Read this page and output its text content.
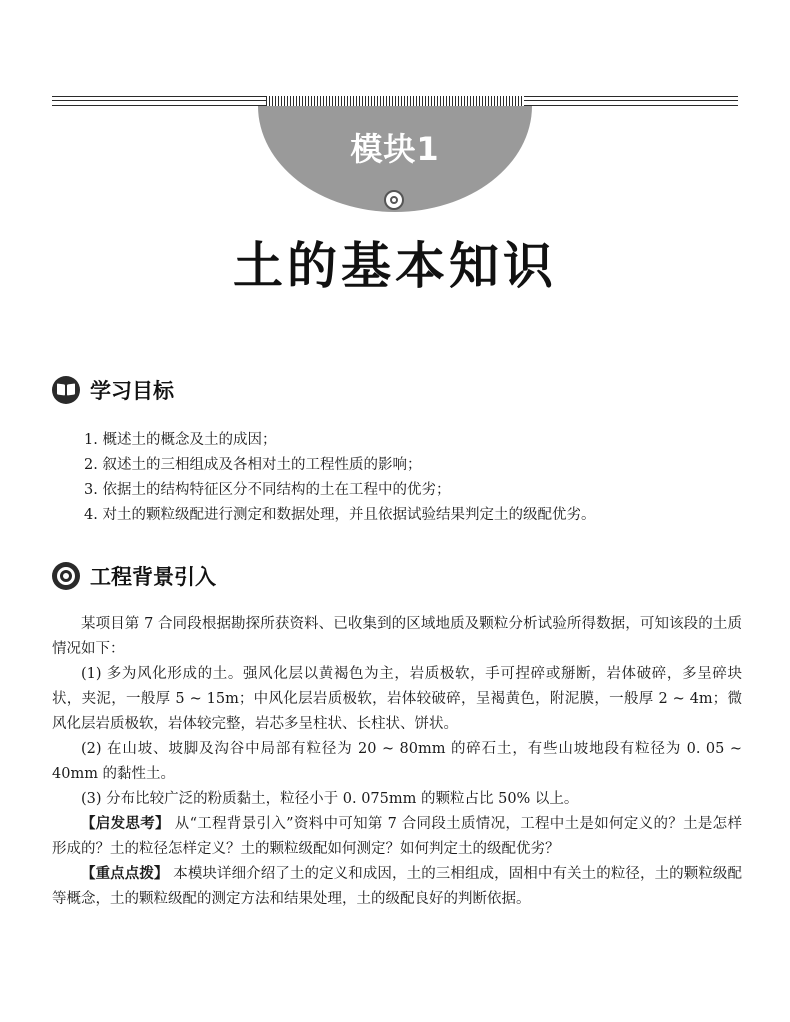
模块1
土的基本知识
学习目标
1. 概述土的概念及土的成因；
2. 叙述土的三相组成及各相对土的工程性质的影响；
3. 依据土的结构特征区分不同结构的土在工程中的优劣；
4. 对土的颗粒级配进行测定和数据处理，并且依据试验结果判定土的级配优劣。
工程背景引入

某项目第 7 合同段根据勘探所获资料、已收集到的区域地质及颗粒分析试验所得数据，可知该段的土质情况如下：

(1) 多为风化形成的土。强风化层以黄褐色为主，岩质极软，手可捏碎或掰断，岩体破碎，多呈碎块状，夹泥，一般厚 5 ~ 15m；中风化层岩质极软，岩体较破碎，呈褐黄色，附泥膜，一般厚 2 ~ 4m；微风化层岩质极软，岩体较完整，岩芯多呈柱状、长柱状、饼状。

(2) 在山坡、坡脚及沟谷中局部有粒径为 20 ~ 80mm 的碎石土，有些山坡地段有粒径为 0. 05 ~ 40mm 的黏性土。

(3) 分布比较广泛的粉质黏土，粒径小于 0. 075mm 的颗粒占比 50% 以上。

【启发思考】 从“工程背景引入”资料中可知第 7 合同段土质情况，工程中土是如何定义的？土是怎样形成的？土的粒径怎样定义？土的颗粒级配如何测定？如何判定土的级配优劣？

【重点点拨】 本模块详细介绍了土的定义和成因，土的三相组成，固相中有关土的粒径，土的颗粒级配等概念，土的颗粒级配的测定方法和结果处理，土的级配良好的判断依据。
